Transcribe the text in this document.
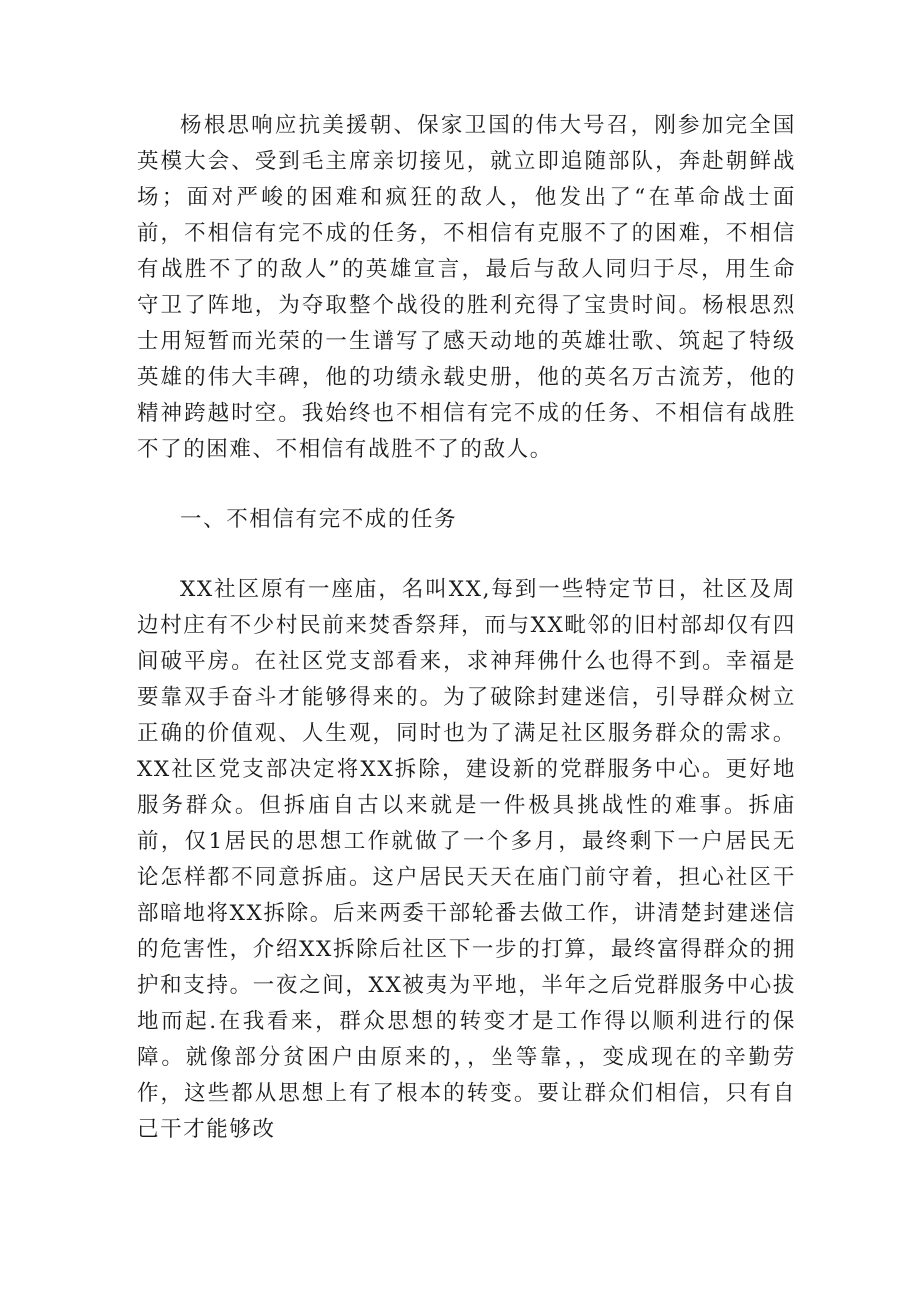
杨根思响应抗美援朝、保家卫国的伟大号召，刚参加完全国英模大会、受到毛主席亲切接见，就立即追随部队，奔赴朝鲜战场；面对严峻的困难和疯狂的敌人，他发出了“在革命战士面前，不相信有完不成的任务，不相信有克服不了的困难，不相信有战胜不了的敌人”的英雄宣言，最后与敌人同归于尽，用生命守卫了阵地，为夺取整个战役的胜利充得了宝贵时间。杨根思烈士用短暂而光荣的一生谱写了感天动地的英雄壮歌、筑起了特级英雄的伟大丰碑，他的功绩永载史册，他的英名万古流芳，他的精神跨越时空。我始终也不相信有完不成的任务、不相信有战胜不了的困难、不相信有战胜不了的敌人。

一、不相信有完不成的任务

XX社区原有一座庙，名叫XX,每到一些特定节日，社区及周边村庄有不少村民前来焚香祭拜，而与XX毗邻的旧村部却仅有四间破平房。在社区党支部看来，求神拜佛什么也得不到。幸福是要靠双手奋斗才能够得来的。为了破除封建迷信，引导群众树立正确的价值观、人生观，同时也为了满足社区服务群众的需求。XX社区党支部决定将XX拆除，建设新的党群服务中心。更好地服务群众。但拆庙自古以来就是一件极具挑战性的难事。拆庙前，仅1居民的思想工作就做了一个多月，最终剩下一户居民无论怎样都不同意拆庙。这户居民天天在庙门前守着，担心社区干部暗地将XX拆除。后来两委干部轮番去做工作，讲清楚封建迷信的危害性，介绍XX拆除后社区下一步的打算，最终富得群众的拥护和支持。一夜之间，XX被夷为平地，半年之后党群服务中心拔地而起.在我看来，群众思想的转变才是工作得以顺利进行的保障。就像部分贫困户由原来的，，坐等靠，，变成现在的辛勤劳作，这些都从思想上有了根本的转变。要让群众们相信，只有自己干才能够改
